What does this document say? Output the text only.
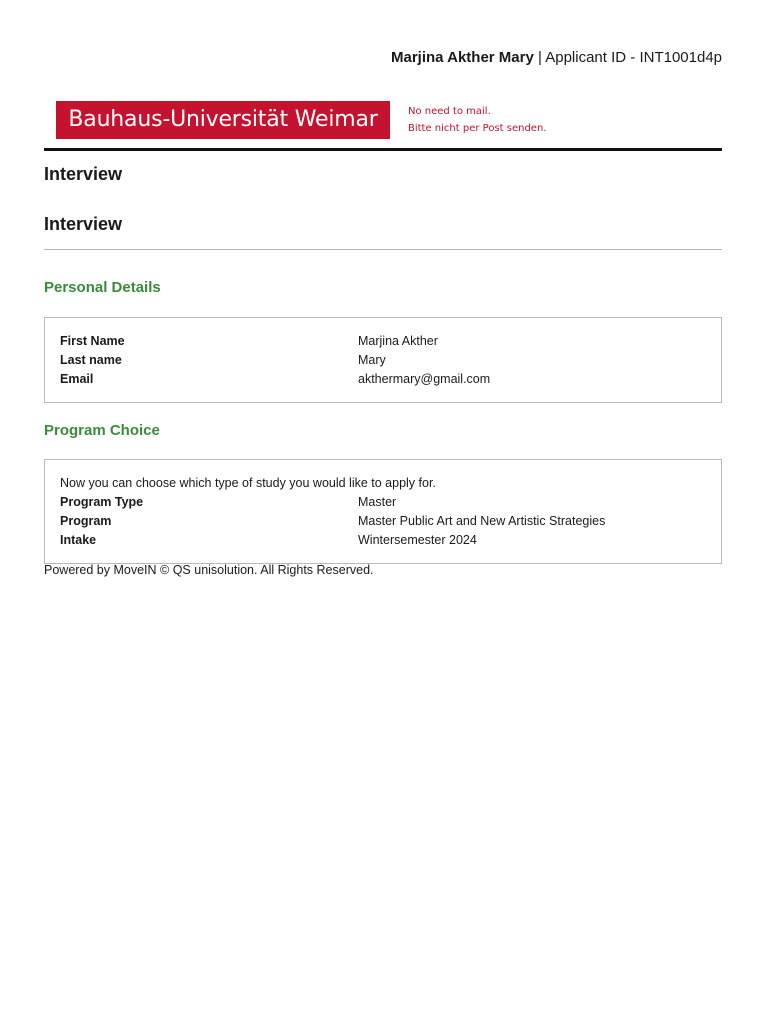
Marjina Akther Mary | Applicant ID - INT1001d4p
Bauhaus-Universität Weimar	No need to mail.
Bitte nicht per Post senden.
Interview
Interview
Personal Details
First Name	Marjina Akther
Last name	Mary
Email	akthermary@gmail.com
Program Choice
Now you can choose which type of study you would like to apply for.
Program Type	Master
Program	Master Public Art and New Artistic Strategies
Intake	Wintersemester 2024
Powered by MoveIN © QS unisolution. All Rights Reserved.
